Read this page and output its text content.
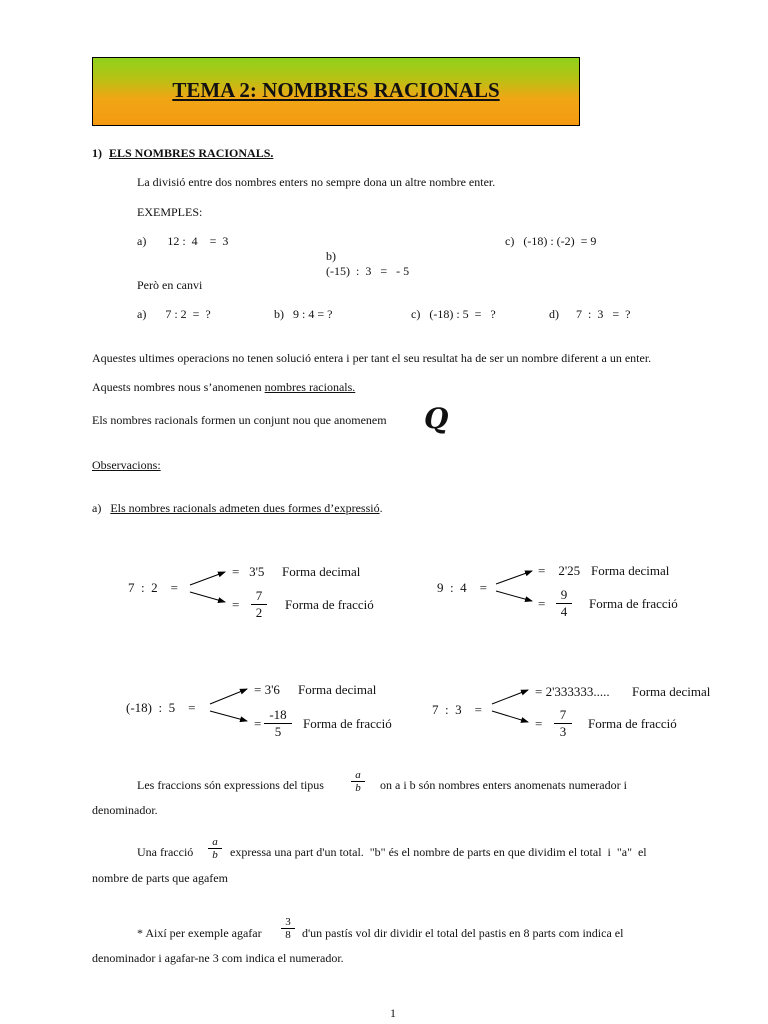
TEMA 2: NOMBRES RACIONALS
1) ELS NOMBRES RACIONALS.
La divisió entre dos nombres enters no sempre dona un altre nombre enter.
EXEMPLES:
a) 12 :  4    =  3

b)
(-15)  :  3   =   - 5

c) (-18) : (-2)  = 9
Però en canvi
a) 7 : 2  =  ?	b) 9 : 4 = ?	c) (-18) : 5  =   ?	d) 7  :  3   =  ?
Aquestes ultimes operacions no tenen solució entera i per tant el seu resultat ha de ser un nombre diferent a un enter.
Aquests nombres nous s’anomenen nombres racionals.
Els nombres racionals formen un conjunt nou que anomenem Q
Observacions:
a) Els nombres racionals admeten dues formes d’expressió.
7  :  2    =
=   3'5 Forma decimal
= $\frac{7}{2}$ Forma de fracció
9  :  4    =
=    2'25 Forma decimal
= $\frac{9}{4}$ Forma de fracció
(-18)  :  5    =
= 3'6 Forma decimal
= $\frac{-18}{5}$ Forma de fracció
7  :  3    =
= 2'333333..... Forma decimal
= $\frac{7}{3}$ Forma de fracció
Les fraccions són expressions del tipus $\frac{a}{b}$ on a i b són nombres enters anomenats numerador i
denominador.
Una fracció $\frac{a}{b}$ expressa una part d'un total.  "b" és el nombre de parts en que dividim el total  i  "a"  el
nombre de parts que agafem
* Així per exemple agafar $\frac{3}{8} d'un$ pastís vol dir dividir el total del pastis en 8 parts com indica el
denominador i agafar-ne 3 com indica el numerador.
1
